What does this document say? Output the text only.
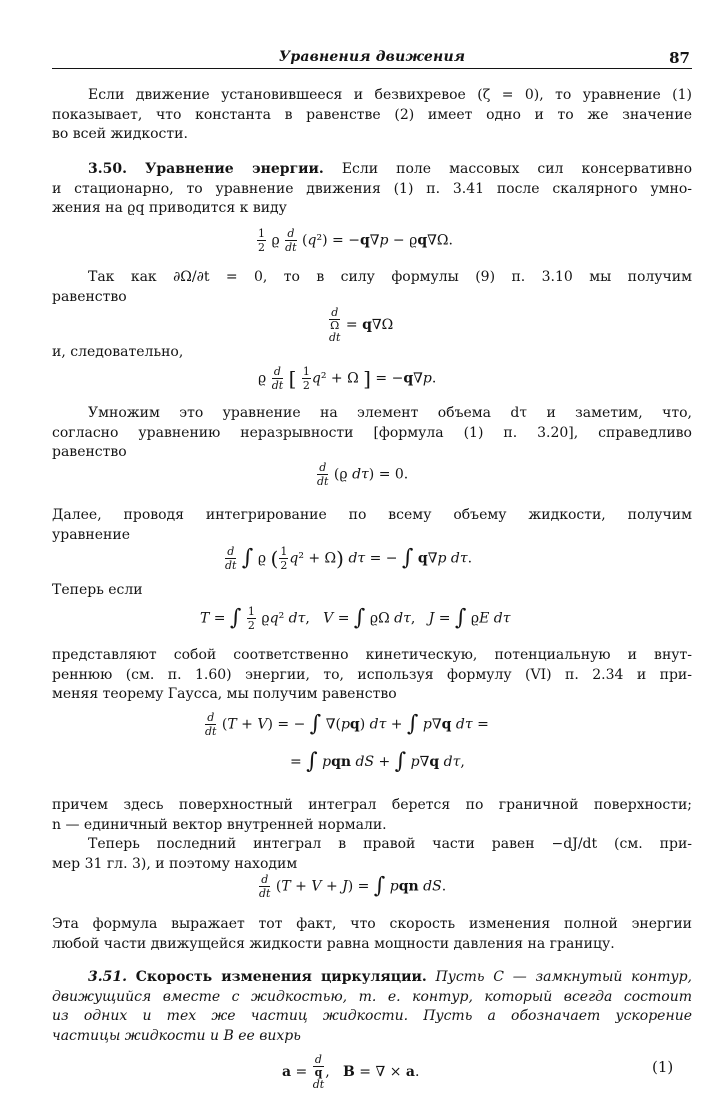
Уравнения движения	87
Если движение установившееся и безвихревое (ζ = 0), то уравнение (1)
показывает, что константа в равенстве (2) имеет одно и то же значение
во всей жидкости.
3.50. Уравнение энергии. Если поле массовых сил консервативно
и стационарно, то уравнение движения (1) п. 3.41 после скалярного умно-
жения на ϱq приводится к виду
$\frac{1}{2}$ ϱ $\frac{d}{dt} (q^2) = -q\nabla p - ϱq\nabla\Omega$.
Так как ∂Ω/∂t = 0, то в силу формулы (9) п. 3.10 мы получим
равенство
d
Ω
dt
= q∇Ω
и, следовательно,
ϱ $\frac{d}{dt}$ [ $\frac{1}{2} q^2 + \Omega$ ] = −q∇p.
Умножим это уравнение на элемент объема dτ и заметим, что,
согласно уравнению неразрывности [формула (1) п. 3.20], справедливо
равенство
$\frac{d}{dt} (ϱ$ dτ) = 0.
Далее, проводя интегрирование по всему объему жидкости, получим
уравнение
$\frac{d}{dt}$ ∫ ϱ ( $\frac{1}{2} q^2 + \Omega$) dτ = − ∫ q∇p dτ.
Теперь если
T = ∫ $\frac{1}{2} ϱq^2$ dτ,   V = ∫ ϱΩ dτ,   J = ∫ ϱE dτ
представляют собой соответственно кинетическую, потенциальную и внут-
реннюю (см. п. 1.60) энергии, то, используя формулу (VI) п. 2.34 и при-
меняя теорему Гаусса, мы получим равенство
$\frac{d}{dt} (T + V)$ = − ∫ ∇(pq) dτ + ∫ p∇q dτ =
= ∫ pqn dS + ∫ p∇q dτ,
причем здесь поверхностный интеграл берется по граничной поверхности;
n — единичный вектор внутренней нормали.
Теперь последний интеграл в правой части равен −dJ/dt (см. при-
мер 31 гл. 3), и поэтому находим
$\frac{d}{dt} (T + V + J)$ = ∫ pqn dS.
Эта формула выражает тот факт, что скорость изменения полной энергии
любой части движущейся жидкости равна мощности давления на границу.
3.51. Скорость изменения циркуляции. Пусть C — замкнутый контур,
движущийся вместе с жидкостью, т. е. контур, который всегда состоит
из одних и тех же частиц жидкости. Пусть a обозначает ускорение
частицы жидкости и B ее вихрь
a =
d
q
dt
,   B = ∇ × a.	(1)
